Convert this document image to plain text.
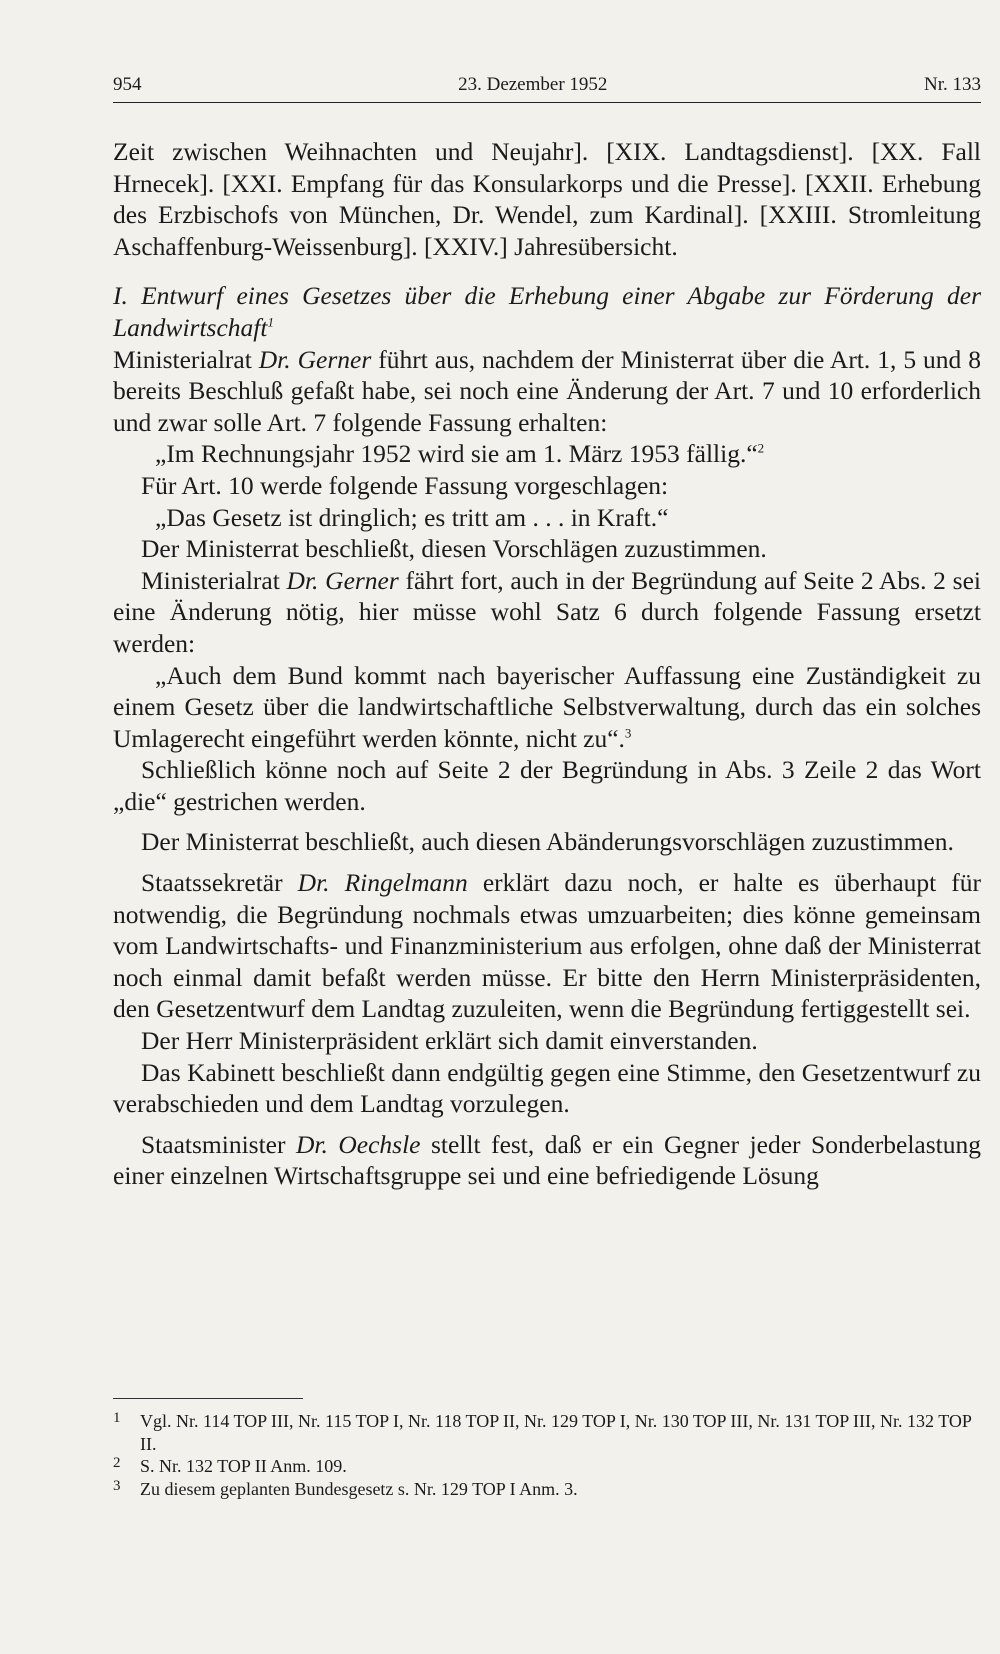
954	23. Dezember 1952	Nr. 133

Zeit zwischen Weihnachten und Neujahr]. [XIX. Landtagsdienst]. [XX. Fall Hrnecek]. [XXI. Empfang für das Konsularkorps und die Presse]. [XXII. Erhebung des Erzbischofs von München, Dr. Wendel, zum Kardinal]. [XXIII. Stromleitung Aschaffenburg-Weissenburg]. [XXIV.] Jahresübersicht.

I. Entwurf eines Gesetzes über die Erhebung einer Abgabe zur Förderung der Landwirtschaft$^1$

Ministerialrat Dr. Gerner führt aus, nachdem der Ministerrat über die Art. 1, 5 und 8 bereits Beschluß gefaßt habe, sei noch eine Änderung der Art. 7 und 10 erforderlich und zwar solle Art. 7 folgende Fassung erhalten:

„Im Rechnungsjahr 1952 wird sie am 1. März 1953 fällig.“$^2$

Für Art. 10 werde folgende Fassung vorgeschlagen:

„Das Gesetz ist dringlich; es tritt am . . . in Kraft.“

Der Ministerrat beschließt, diesen Vorschlägen zuzustimmen.

Ministerialrat Dr. Gerner fährt fort, auch in der Begründung auf Seite 2 Abs. 2 sei eine Änderung nötig, hier müsse wohl Satz 6 durch folgende Fassung ersetzt werden:

„Auch dem Bund kommt nach bayerischer Auffassung eine Zuständigkeit zu einem Gesetz über die landwirtschaftliche Selbstverwaltung, durch das ein solches Umlagerecht eingeführt werden könnte, nicht zu“.$^3$

Schließlich könne noch auf Seite 2 der Begründung in Abs. 3 Zeile 2 das Wort „die“ gestrichen werden.

Der Ministerrat beschließt, auch diesen Abänderungsvorschlägen zuzustimmen.

Staatssekretär Dr. Ringelmann erklärt dazu noch, er halte es überhaupt für notwendig, die Begründung nochmals etwas umzuarbeiten; dies könne gemeinsam vom Landwirtschafts- und Finanzministerium aus erfolgen, ohne daß der Ministerrat noch einmal damit befaßt werden müsse. Er bitte den Herrn Ministerpräsidenten, den Gesetzentwurf dem Landtag zuzuleiten, wenn die Begründung fertiggestellt sei.

Der Herr Ministerpräsident erklärt sich damit einverstanden.

Das Kabinett beschließt dann endgültig gegen eine Stimme, den Gesetzentwurf zu verabschieden und dem Landtag vorzulegen.

Staatsminister Dr. Oechsle stellt fest, daß er ein Gegner jeder Sonderbelastung einer einzelnen Wirtschaftsgruppe sei und eine befriedigende Lösung

1	Vgl. Nr. 114 TOP III, Nr. 115 TOP I, Nr. 118 TOP II, Nr. 129 TOP I, Nr. 130 TOP III, Nr. 131 TOP III, Nr. 132 TOP II.
2	S. Nr. 132 TOP II Anm. 109.
3	Zu diesem geplanten Bundesgesetz s. Nr. 129 TOP I Anm. 3.
